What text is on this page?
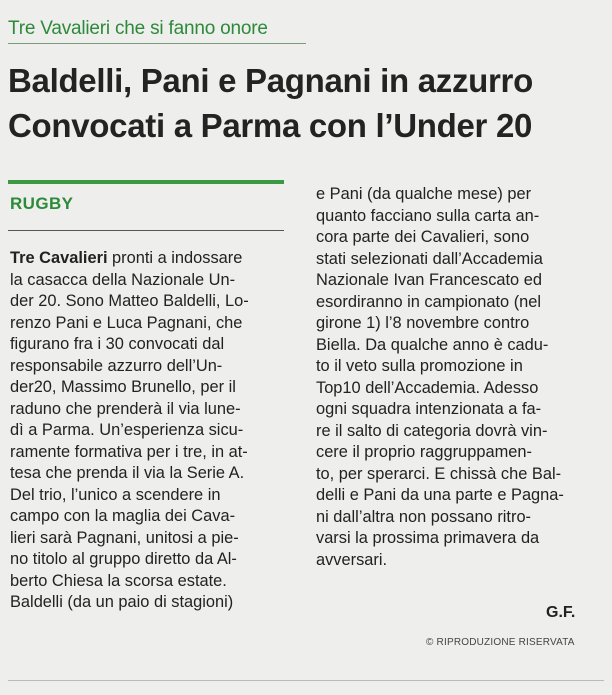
Tre Vavalieri che si fanno onore
Baldelli, Pani e Pagnani in azzurro
Convocati a Parma con l’Under 20
RUGBY
Tre Cavalieri pronti a indossare
la casacca della Nazionale Un-
der 20. Sono Matteo Baldelli, Lo-
renzo Pani e Luca Pagnani, che
figurano fra i 30 convocati dal
responsabile azzurro dell’Un-
der20, Massimo Brunello, per il
raduno che prenderà il via lune-
dì a Parma. Un’esperienza sicu-
ramente formativa per i tre, in at-
tesa che prenda il via la Serie A.
Del trio, l’unico a scendere in
campo con la maglia dei Cava-
lieri sarà Pagnani, unitosi a pie-
no titolo al gruppo diretto da Al-
berto Chiesa la scorsa estate.
Baldelli (da un paio di stagioni)
e Pani (da qualche mese) per
quanto facciano sulla carta an-
cora parte dei Cavalieri, sono
stati selezionati dall’Accademia
Nazionale Ivan Francescato ed
esordiranno in campionato (nel
girone 1) l’8 novembre contro
Biella. Da qualche anno è cadu-
to il veto sulla promozione in
Top10 dell’Accademia. Adesso
ogni squadra intenzionata a fa-
re il salto di categoria dovrà vin-
cere il proprio raggruppamen-
to, per sperarci. E chissà che Bal-
delli e Pani da una parte e Pagna-
ni dall’altra non possano ritro-
varsi la prossima primavera da
avversari.
G.F.
© RIPRODUZIONE RISERVATA
